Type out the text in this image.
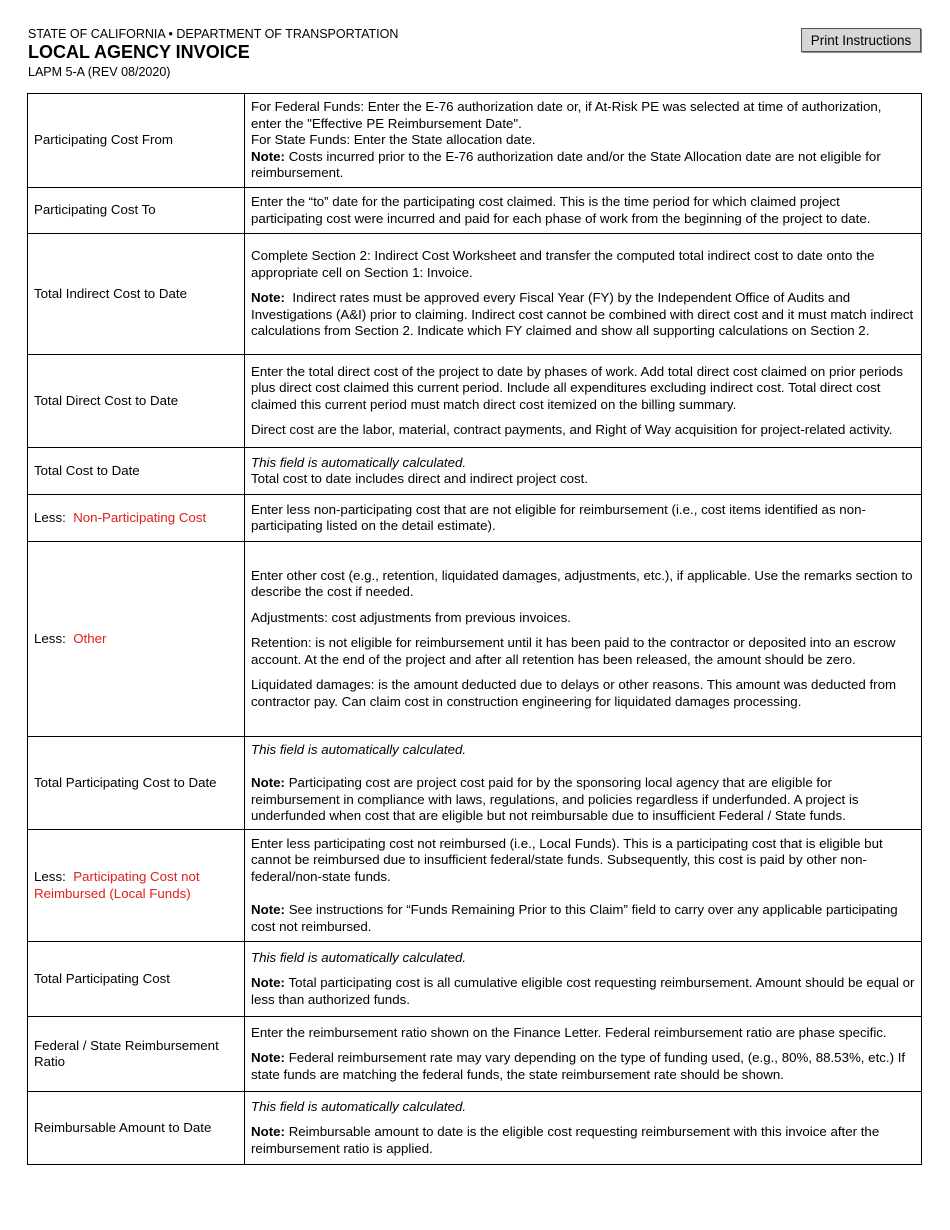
STATE OF CALIFORNIA • DEPARTMENT OF TRANSPORTATION
LOCAL AGENCY INVOICE
LAPM 5-A (REV 08/2020)
Print Instructions
Participating Cost From	For Federal Funds: Enter the E-76 authorization date or, if At-Risk PE was selected at time of authorization, enter the "Effective PE Reimbursement Date".
For State Funds: Enter the State allocation date.
Note: Costs incurred prior to the E-76 authorization date and/or the State Allocation date are not eligible for reimbursement.

Participating Cost To	Enter the “to” date for the participating cost claimed. This is the time period for which claimed project participating cost were incurred and paid for each phase of work from the beginning of the project to date.

Total Indirect Cost to Date	Complete Section 2: Indirect Cost Worksheet and transfer the computed total indirect cost to date onto the appropriate cell on Section 1: Invoice.
Note: Indirect rates must be approved every Fiscal Year (FY) by the Independent Office of Audits and Investigations (A&I) prior to claiming. Indirect cost cannot be combined with direct cost and it must match indirect calculations from Section 2. Indicate which FY claimed and show all supporting calculations on Section 2.

Total Direct Cost to Date	Enter the total direct cost of the project to date by phases of work. Add total direct cost claimed on prior periods plus direct cost claimed this current period. Include all expenditures excluding indirect cost. Total direct cost claimed this current period must match direct cost itemized on the billing summary.
Direct cost are the labor, material, contract payments, and Right of Way acquisition for project-related activity.

Total Cost to Date	This field is automatically calculated.
Total cost to date includes direct and indirect project cost.

Less: Non-Participating Cost	Enter less non-participating cost that are not eligible for reimbursement (i.e., cost items identified as non-participating listed on the detail estimate).

Less: Other	Enter other cost (e.g., retention, liquidated damages, adjustments, etc.), if applicable. Use the remarks section to describe the cost if needed.
Adjustments: cost adjustments from previous invoices.
Retention: is not eligible for reimbursement until it has been paid to the contractor or deposited into an escrow account. At the end of the project and after all retention has been released, the amount should be zero.
Liquidated damages: is the amount deducted due to delays or other reasons. This amount was deducted from contractor pay. Can claim cost in construction engineering for liquidated damages processing.

Total Participating Cost to Date	This field is automatically calculated.
Note: Participating cost are project cost paid for by the sponsoring local agency that are eligible for reimbursement in compliance with laws, regulations, and policies regardless if underfunded. A project is underfunded when cost that are eligible but not reimbursable due to insufficient Federal / State funds.

Less: Participating Cost not Reimbursed (Local Funds)	Enter less participating cost not reimbursed (i.e., Local Funds). This is a participating cost that is eligible but cannot be reimbursed due to insufficient federal/state funds. Subsequently, this cost is paid by other non-federal/non-state funds.
Note: See instructions for “Funds Remaining Prior to this Claim” field to carry over any applicable participating cost not reimbursed.

Total Participating Cost	This field is automatically calculated.
Note: Total participating cost is all cumulative eligible cost requesting reimbursement. Amount should be equal or less than authorized funds.

Federal / State Reimbursement Ratio	Enter the reimbursement ratio shown on the Finance Letter. Federal reimbursement ratio are phase specific.
Note: Federal reimbursement rate may vary depending on the type of funding used, (e.g., 80%, 88.53%, etc.) If state funds are matching the federal funds, the state reimbursement rate should be shown.

Reimbursable Amount to Date	This field is automatically calculated.
Note: Reimbursable amount to date is the eligible cost requesting reimbursement with this invoice after the reimbursement ratio is applied.
